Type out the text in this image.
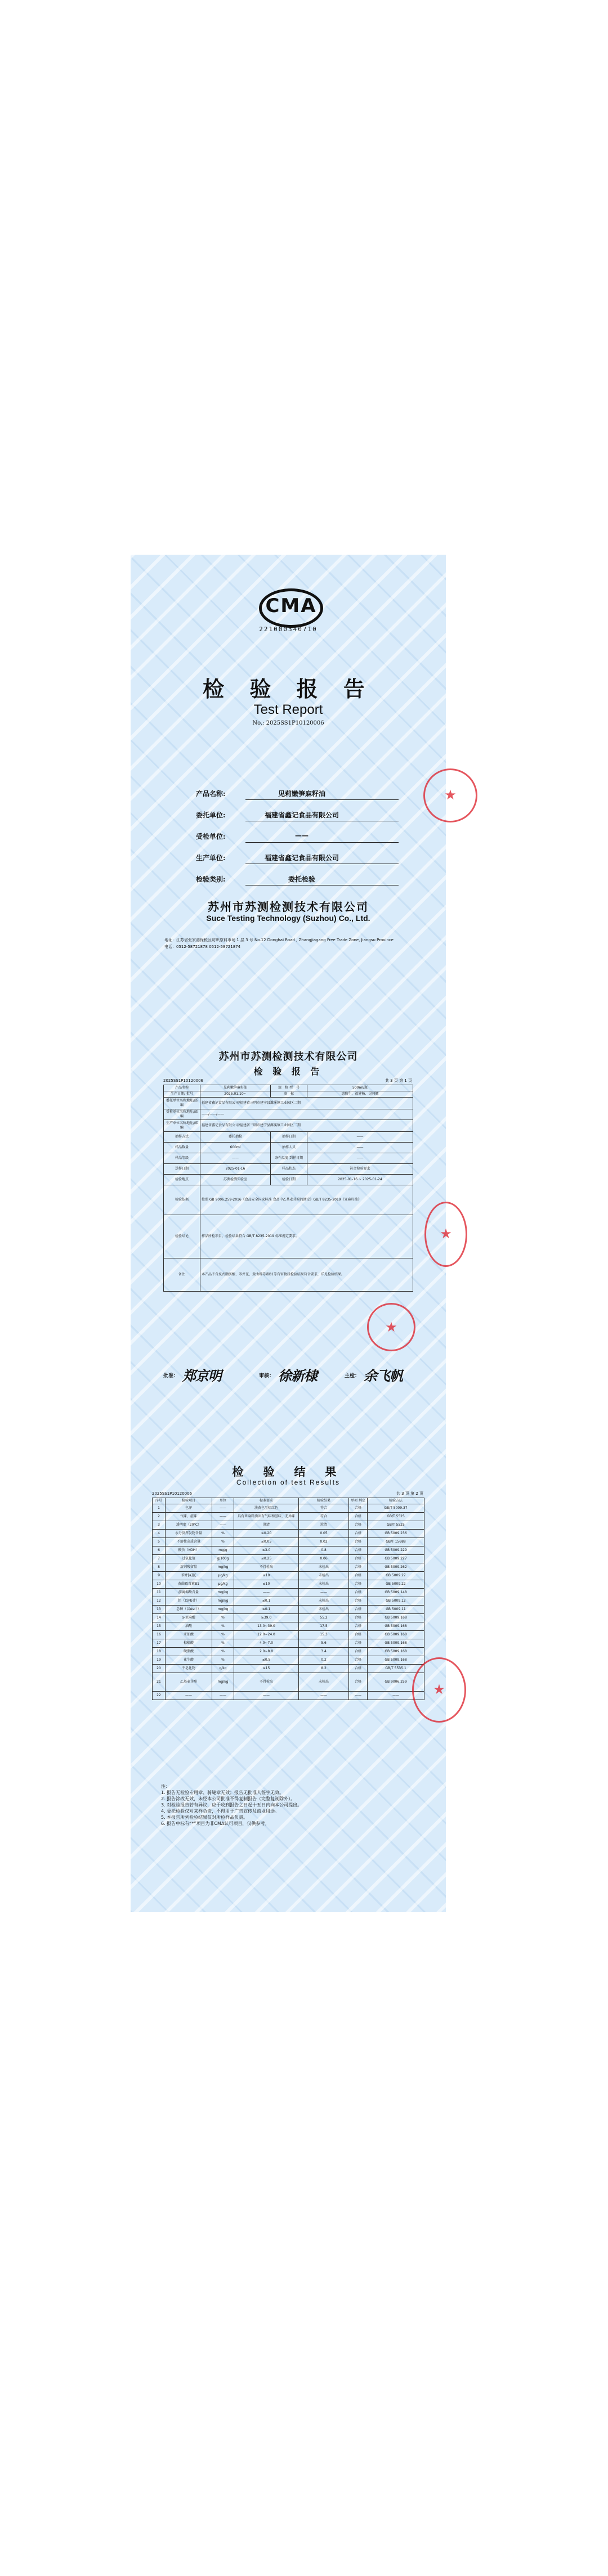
CMA
221000340710
检 验 报 告
Test Report
No.: 2025SS1P10120006
产品名称:	见莉嫩笋麻籽油
委托单位:	福建省鑫记食品有限公司
受检单位:	——
生产单位:	福建省鑫记食品有限公司
检验类别:	委托检验
★
苏州市苏测检测技术有限公司
Suce Testing Technology (Suzhou) Co., Ltd.
地址：江苏省张家港保税区纺织原料市场 1 层 3 号 No.12 Donghai Road , Zhangjiagang Free Trade Zone, Jiangsu Province
电话：0512-58721878 0512-58721874
苏州市苏测检测技术有限公司
检 验 报 告
2025SS1P10120006	共 3 页 第 1 页
产品名称	见莉嫩笋麻籽油	规　格 型　号	500ml/瓶
生产日期/ 批号	2025.01.10~	商　标	惠隆生、福建杨、见莉嫩
委托单位名称地址/邮编	福建省鑫记食品有限公司/福建省三明市建宁县濉溪镇工业园区二期		
受检单位名称地址/邮编	——/——/——		
生产单位名称地址/邮编	福建省鑫记食品有限公司/福建省三明市建宁县濉溪镇工业园区二期		
抽样方式	委托抽检	抽样日期	——
样品数量	600ml	抽样人员	——
样品等级	——	条件温度 到样日期	——
送样日期	2025-01-16	样品状态	符合检验要求
检验地点	苏测检测实验室	检验日期	2025-01-16 ~ 2025-01-24
检验依据	按照 GB 9006.259-2016《食品安全国家标准 食品中乙基麦芽酚的测定》GB/T 8235-2019《亚麻籽油》		
检验结论	样品所检项目，检验结果符合 GB/T 8235-2019 标准规定要求。		
备注	本产品不含反式脂肪酸、苯并芘、黄曲霉毒素B1等有害物质检验结果符合要求，详见检验结果。		
★
★
批准： 郑京明	审核： 徐新棣	主检： 余飞帆
检 验 结 果
Collection of test Results
2025SS1P10120006	共 3 页 第 2 页
序号	检验项目	单位	标准要求	检验结果	单项 判定	检验方法
1	色泽	——	淡黄色至棕红色	符合	合格	GB/T 5009.37
2	气味、滋味	——	具有亚麻籽油固有气味和滋味，无异味	符合	合格	GB/T 5525
3	透明度（20℃）	——	澄清	澄清	合格	GB/T 5525
4	水分及挥发物含量	%	≤0.20	0.05	合格	GB 5009.236
5	不溶性杂质含量	%	≤0.05	0.02	合格	GB/T 15688
6	酸价（KOH）	mg/g	≤3.0	0.8	合格	GB 5009.229
7	过氧化值	g/100g	≤0.25	0.06	合格	GB 5009.227
8	溶剂残留量	mg/kg	不得检出	未检出	合格	GB 5009.262
9	苯并[a]芘	μg/kg	≤10	未检出	合格	GB 5009.27
10	黄曲霉毒素B1	μg/kg	≤10	未检出	合格	GB 5009.22
11	游离棉酚含量	mg/kg	——	——	合格	GB 5009.148
12	铅（以Pb计）	mg/kg	≤0.1	未检出	合格	GB 5009.12
13	总砷（以As计）	mg/kg	≤0.1	未检出	合格	GB 5009.11
14	α-亚麻酸	%	≥39.0	55.2	合格	GB 5009.168
15	油酸	%	13.0~39.0	17.5	合格	GB 5009.168
16	亚油酸	%	12.0~24.0	15.3	合格	GB 5009.168
17	棕榈酸	%	4.0~7.0	5.6	合格	GB 5009.168
18	硬脂酸	%	2.0~8.0	3.4	合格	GB 5009.168
19	花生酸	%	≤0.5	0.2	合格	GB 5009.168
20	不皂化物	g/kg	≤15	8.2	合格	GB/T 5535.1
21	乙基麦芽酚	mg/kg	不得检出	未检出	合格	GB 9006.259
22	——	——	——	——	——	——	★
注：
1. 报告无检验专用章、骑缝章无效；报告无批准人签字无效。
2. 报告涂改无效，未经本公司批准不得复制报告（完整复制除外）。
3. 对检验报告若有异议，应于收到报告之日起十五日内向本公司提出。
4. 委托检验仅对来样负责，不得用于广告宣传及商业用途。
5. 本报告所列检验结果仅对所检样品负责。
6. 报告中标有“*”项目为非CMA认可项目，仅供参考。
